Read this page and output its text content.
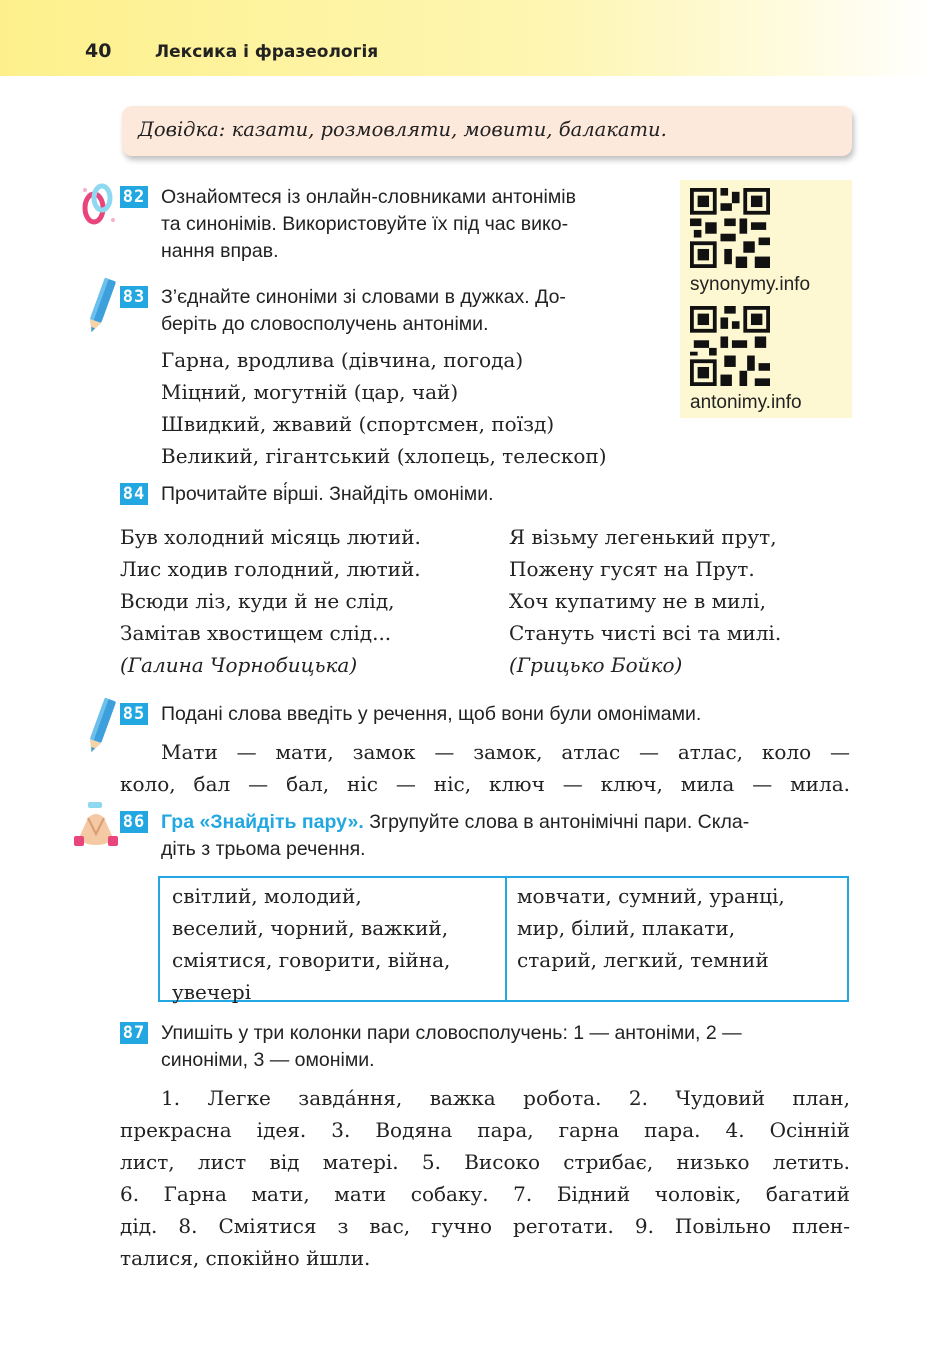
40	Лексика і фразеологія
Довідка: казати, розмовляти, мовити, балакати.
82 Ознайомтеся із онлайн-словниками антонімів
та синонімів. Використовуйте їх під час вико-
нання вправ.
synonymy.info
antonimy.info
83 З’єднайте синоніми зі словами в дужках. До-
беріть до словосполучень антоніми.
Гарна, вродлива (дівчина, погода)
Міцний, могутній (цар, чай)
Швидкий, жвавий (спортсмен, поїзд)
Великий, гігантський (хлопець, телескоп)
84 Прочитайте ві́рші. Знайдіть омоніми.
Був холодний місяць лютий.
Лис ходив голодний, лютий.
Всюди ліз, куди й не слід,
Замітав хвостищем слід...
(Галина Чорнобицька)
Я візьму легенький прут,
Пожену гусят на Прут.
Хоч купатиму не в милі,
Стануть чисті всі та милі.
(Грицько Бойко)
85 Подані слова введіть у речення, щоб вони були омонімами.
Мати — мати, замок — замок, атлас — атлас, коло —
коло, бал — бал, ніс — ніс, ключ — ключ, мила — мила.
86 Гра «Знайдіть пару». Згрупуйте слова в антонімічні пари. Скла-
діть з трьома речення.
світлий, молодий,
веселий, чорний, важкий,
сміятися, говорити, війна,
увечері
мовчати, сумний, уранці,
мир, білий, плакати,
старий, легкий, темний
87 Упишіть у три колонки пари словосполучень: 1 — антоніми, 2 —
синоніми, 3 — омоніми.
1. Легке завда́ння, важка робота. 2. Чудовий план,
прекрасна ідея. 3. Водяна пара, гарна пара. 4. Осінній
лист, лист від матері. 5. Високо стрибає, низько летить.
6. Гарна мати, мати собаку. 7. Бідний чоловік, багатий
дід. 8. Сміятися з вас, гучно реготати. 9. Повільно плен-
талися, спокійно йшли.
